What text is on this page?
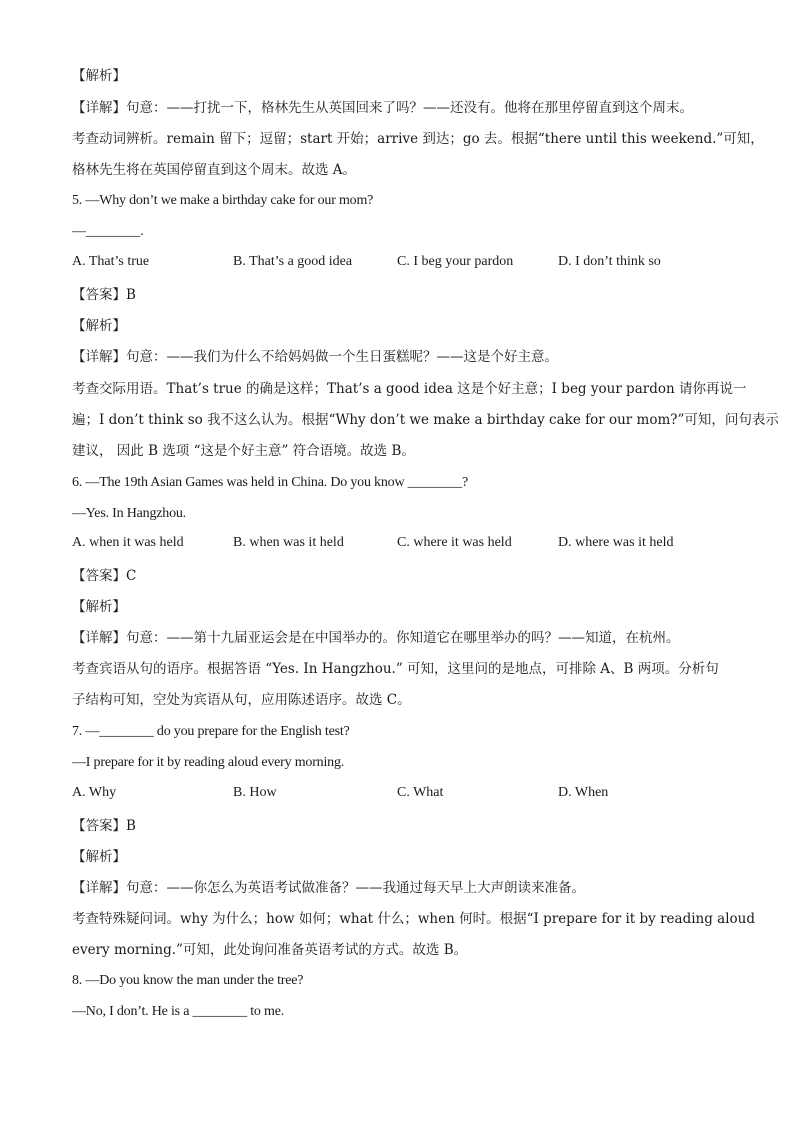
【解析】
【详解】句意：——打扰一下，格林先生从英国回来了吗？——还没有。他将在那里停留直到这个周末。
考查动词辨析。remain 留下；逗留；start 开始；arrive 到达；go 去。根据“there until this weekend.”可知，
格林先生将在英国停留直到这个周末。故选 A。
5. —Why don’t we make a birthday cake for our mom?
—________.
A. That’s true	B. That’s a good idea	C. I beg your pardon	D. I don’t think so
【答案】B
【解析】
【详解】句意：——我们为什么不给妈妈做一个生日蛋糕呢？——这是个好主意。
考查交际用语。That’s true 的确是这样；That’s a good idea 这是个好主意；I beg your pardon 请你再说一
遍；I don’t think so 我不这么认为。根据“Why don’t we make a birthday cake for our mom?”可知，问句表示
建议， 因此 B 选项 “这是个好主意” 符合语境。故选 B。
6. —The 19th Asian Games was held in China. Do you know ________?
—Yes. In Hangzhou.
A. when it was held	B. when was it held	C. where it was held	D. where was it held
【答案】C
【解析】
【详解】句意：——第十九届亚运会是在中国举办的。你知道它在哪里举办的吗？——知道，在杭州。
考查宾语从句的语序。根据答语 “Yes. In Hangzhou.” 可知，这里问的是地点，可排除 A、B 两项。分析句
子结构可知，空处为宾语从句，应用陈述语序。故选 C。
7. —________ do you prepare for the English test?
—I prepare for it by reading aloud every morning.
A. Why	B. How	C. What	D. When
【答案】B
【解析】
【详解】句意：——你怎么为英语考试做准备？——我通过每天早上大声朗读来准备。
考查特殊疑问词。why 为什么；how 如何；what 什么；when 何时。根据“I prepare for it by reading aloud
every morning.”可知，此处询问准备英语考试的方式。故选 B。
8. —Do you know the man under the tree?
—No, I don’t. He is a ________ to me.
